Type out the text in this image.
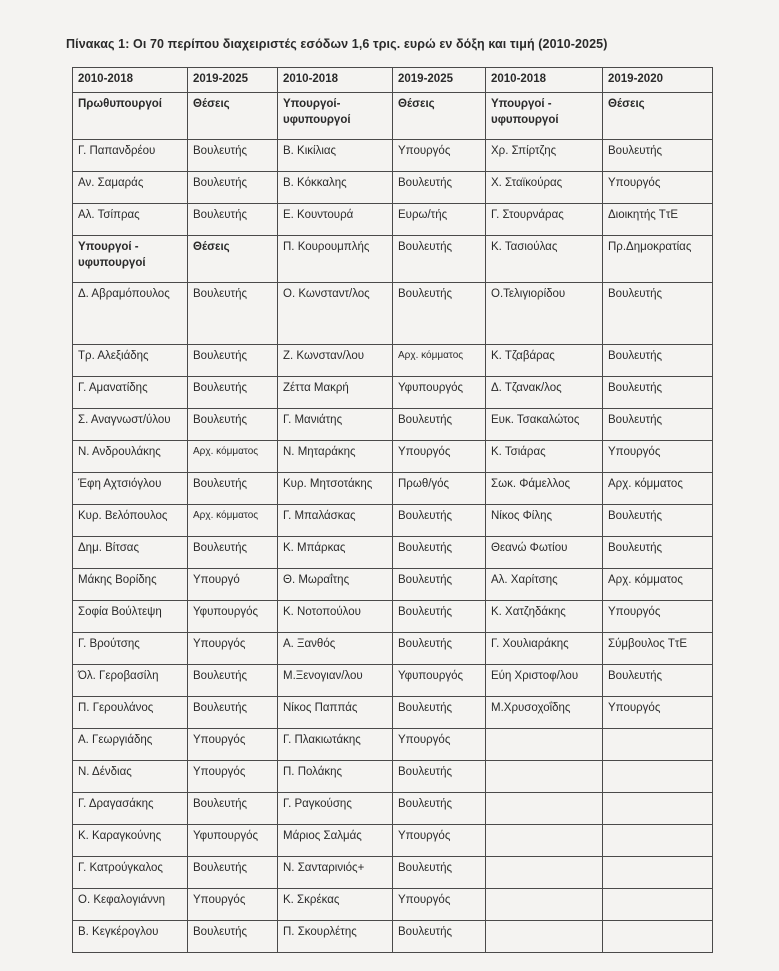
Πίνακας 1: Οι 70 περίπου διαχειριστές εσόδων 1,6 τρις. ευρώ εν δόξη και τιμή (2010-2025)
2010-2018	2019-2025	2010-2018	2019-2025	2010-2018	2019-2020
Πρωθυπουργοί	Θέσεις	Υπουργοί-υφυπουργοί	Θέσεις	Υπουργοί - υφυπουργοί	Θέσεις
Γ. Παπανδρέου	Βουλευτής	Β. Κικίλιας	Υπουργός	Χρ. Σπίρτζης	Βουλευτής
Αν. Σαμαράς	Βουλευτής	Β. Κόκκαλης	Βουλευτής	Χ. Σταϊκούρας	Υπουργός
Αλ. Τσίπρας	Βουλευτής	Ε. Κουντουρά	Ευρω/τής	Γ. Στουρνάρας	Διοικητής ΤτΕ
Υπουργοί - υφυπουργοί	Θέσεις	Π. Κουρουμπλής	Βουλευτής	Κ. Τασιούλας	Πρ.Δημοκρατίας
Δ. Αβραμόπουλος	Βουλευτής	Ο. Κωνσταντ/λος	Βουλευτής	Ο.Τελιγιορίδου	Βουλευτής
Τρ. Αλεξιάδης	Βουλευτής	Ζ. Κωνσταν/λου	Αρχ. κόμματος	Κ. Τζαβάρας	Βουλευτής
Γ. Αμανατίδης	Βουλευτής	Ζέττα Μακρή	Υφυπουργός	Δ. Τζανακ/λος	Βουλευτής
Σ. Αναγνωστ/ύλου	Βουλευτής	Γ. Μανιάτης	Βουλευτής	Ευκ. Τσακαλώτος	Βουλευτής
Ν. Ανδρουλάκης	Αρχ. κόμματος	Ν. Μηταράκης	Υπουργός	Κ. Τσιάρας	Υπουργός
Έφη Αχτσιόγλου	Βουλευτής	Κυρ. Μητσοτάκης	Πρωθ/γός	Σωκ. Φάμελλος	Αρχ. κόμματος
Κυρ. Βελόπουλος	Αρχ. κόμματος	Γ. Μπαλάσκας	Βουλευτής	Νίκος Φίλης	Βουλευτής
Δημ. Βίτσας	Βουλευτής	Κ. Μπάρκας	Βουλευτής	Θεανώ Φωτίου	Βουλευτής
Μάκης Βορίδης	Υπουργό	Θ. Μωραΐτης	Βουλευτής	Αλ. Χαρίτσης	Αρχ. κόμματος
Σοφία Βούλτεψη	Υφυπουργός	Κ. Νοτοπούλου	Βουλευτής	Κ. Χατζηδάκης	Υπουργός
Γ. Βρούτσης	Υπουργός	Α. Ξανθός	Βουλευτής	Γ. Χουλιαράκης	Σύμβουλος ΤτΕ
Όλ. Γεροβασίλη	Βουλευτής	Μ.Ξενογιαν/λου	Υφυπουργός	Εύη Χριστοφ/λου	Βουλευτής
Π. Γερουλάνος	Βουλευτής	Νίκος Παππάς	Βουλευτής	Μ.Χρυσοχοΐδης	Υπουργός
Α. Γεωργιάδης	Υπουργός	Γ. Πλακιωτάκης	Υπουργός		
Ν. Δένδιας	Υπουργός	Π. Πολάκης	Βουλευτής		
Γ. Δραγασάκης	Βουλευτής	Γ. Ραγκούσης	Βουλευτής		
Κ. Καραγκούνης	Υφυπουργός	Μάριος Σαλμάς	Υπουργός		
Γ. Κατρούγκαλος	Βουλευτής	Ν. Σανταρινιός+	Βουλευτής		
Ο. Κεφαλογιάννη	Υπουργός	Κ. Σκρέκας	Υπουργός		
Β. Κεγκέρογλου	Βουλευτής	Π. Σκουρλέτης	Βουλευτής		
